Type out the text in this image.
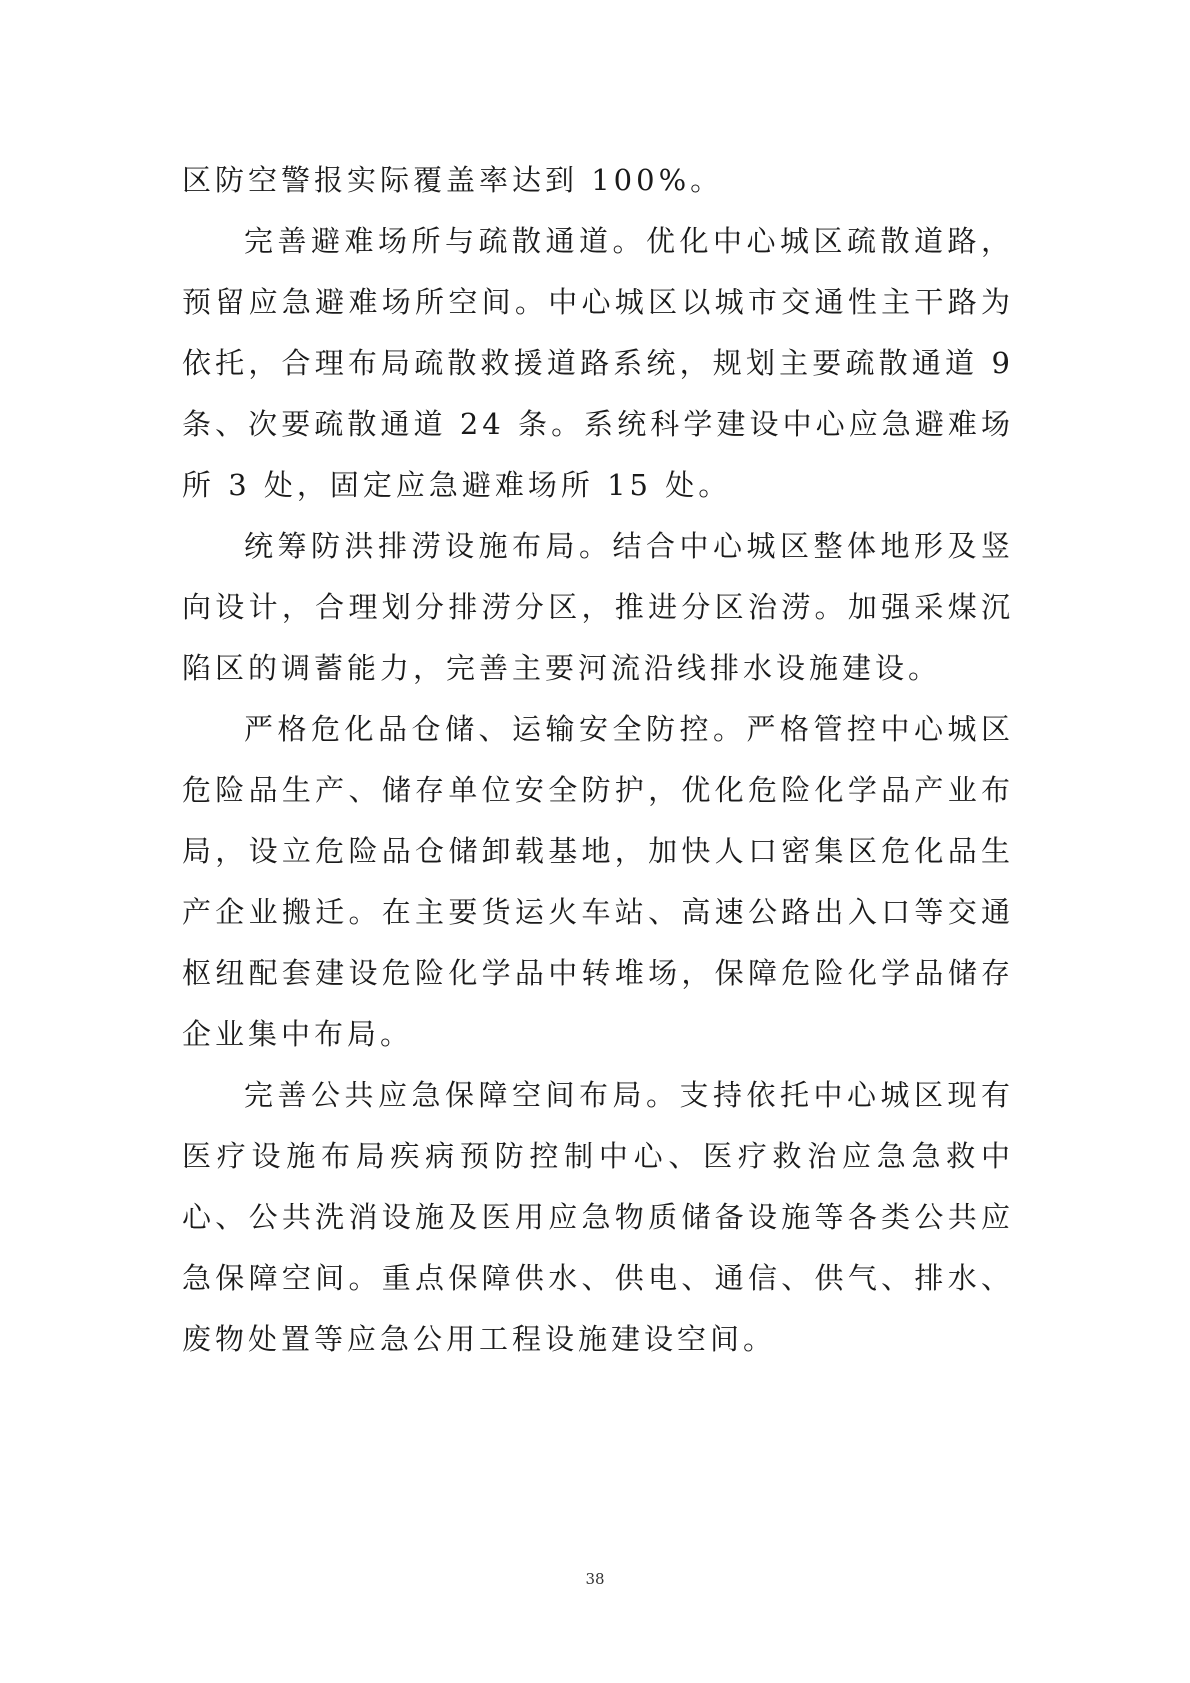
区防空警报实际覆盖率达到 100%。

完善避难场所与疏散通道。优化中心城区疏散道路，预留应急避难场所空间。中心城区以城市交通性主干路为依托，合理布局疏散救援道路系统，规划主要疏散通道 9 条、次要疏散通道 24 条。系统科学建设中心应急避难场所 3 处，固定应急避难场所 15 处。

统筹防洪排涝设施布局。结合中心城区整体地形及竖向设计，合理划分排涝分区，推进分区治涝。加强采煤沉陷区的调蓄能力，完善主要河流沿线排水设施建设。

严格危化品仓储、运输安全防控。严格管控中心城区危险品生产、储存单位安全防护，优化危险化学品产业布局，设立危险品仓储卸载基地，加快人口密集区危化品生产企业搬迁。在主要货运火车站、高速公路出入口等交通枢纽配套建设危险化学品中转堆场，保障危险化学品储存企业集中布局。

完善公共应急保障空间布局。支持依托中心城区现有医疗设施布局疾病预防控制中心、医疗救治应急急救中心、公共洗消设施及医用应急物质储备设施等各类公共应急保障空间。重点保障供水、供电、通信、供气、排水、废物处置等应急公用工程设施建设空间。

38
